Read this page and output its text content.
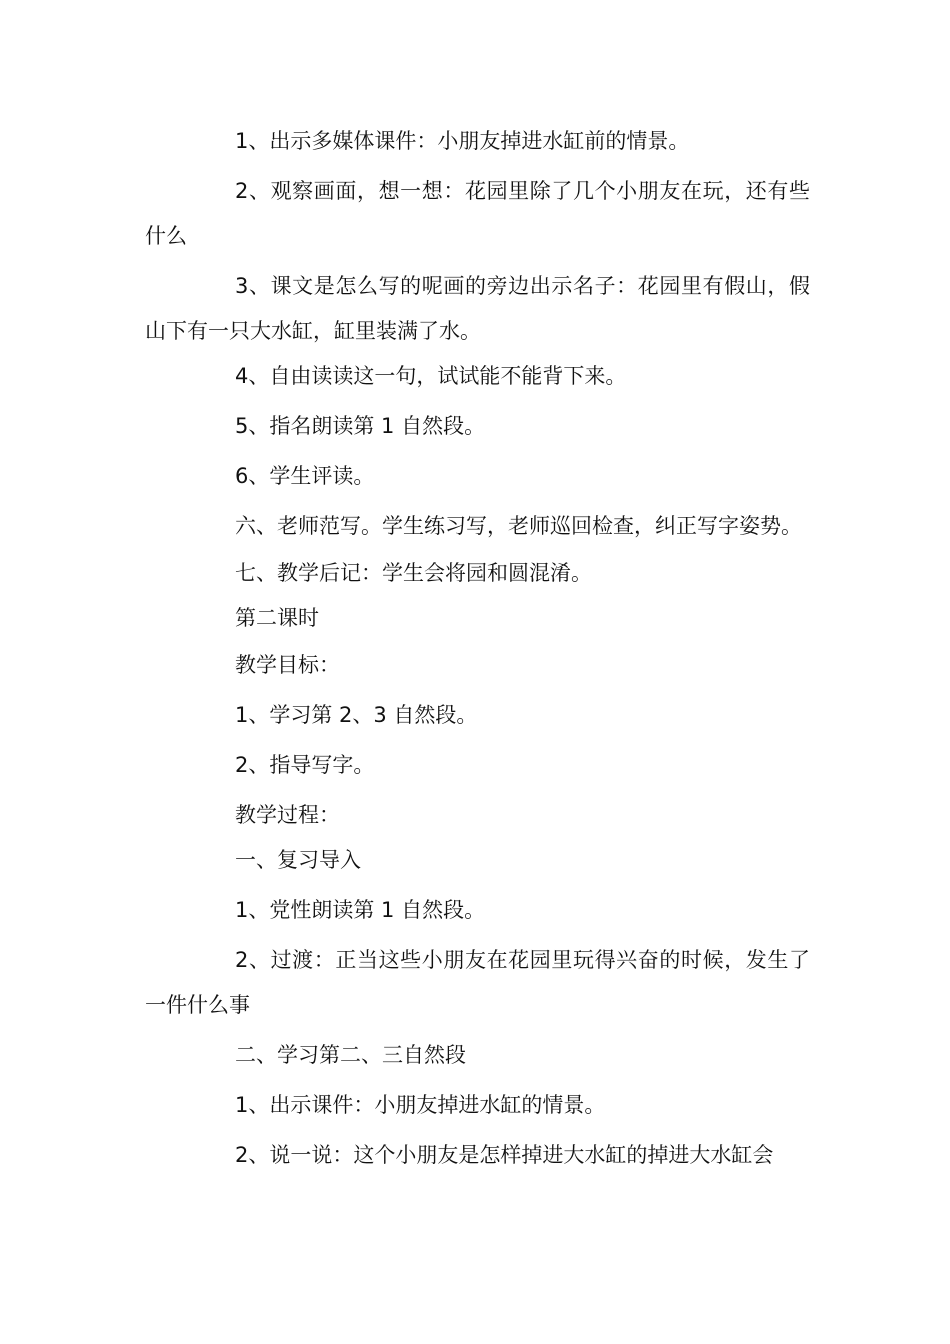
1、出示多媒体课件：小朋友掉进水缸前的情景。

2、观察画面，想一想：花园里除了几个小朋友在玩，还有些什么

3、课文是怎么写的呢画的旁边出示名子：花园里有假山，假山下有一只大水缸，缸里装满了水。

4、自由读读这一句，试试能不能背下来。

5、指名朗读第 1 自然段。

6、学生评读。

六、老师范写。学生练习写，老师巡回检查，纠正写字姿势。

七、教学后记：学生会将园和圆混淆。

第二课时

教学目标：

1、学习第 2、3 自然段。

2、指导写字。

教学过程：

一、复习导入

1、党性朗读第 1 自然段。

2、过渡：正当这些小朋友在花园里玩得兴奋的时候，发生了一件什么事

二、学习第二、三自然段

1、出示课件：小朋友掉进水缸的情景。

2、说一说：这个小朋友是怎样掉进大水缸的掉进大水缸会
